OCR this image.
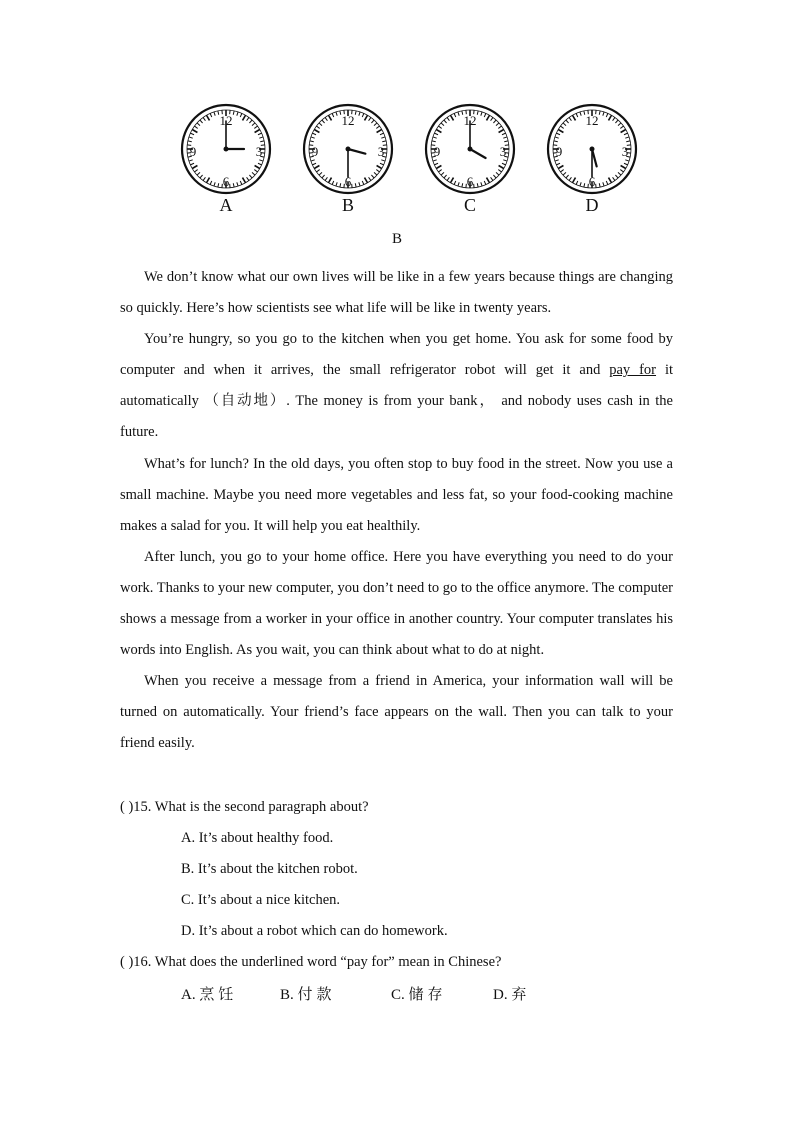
12
3
6
9
A
12
3
6
9
B
12
3
6
9
C
12
3
6
9
D
B

We don’t know what our own lives will be like in a few years because things are changing so quickly. Here’s how scientists see what life will be like in twenty years.

You’re hungry, so you go to the kitchen when you get home. You ask for some food by computer and when it arrives, the small refrigerator robot will get it and pay for it automatically （自动地）. The money is from your bank， and nobody uses cash in the future.

What’s for lunch? In the old days, you often stop to buy food in the street. Now you use a small machine. Maybe you need more vegetables and less fat, so your food-cooking machine makes a salad for you. It will help you eat healthily.

After lunch, you go to your home office. Here you have everything you need to do your work. Thanks to your new computer, you don’t need to go to the office anymore. The computer shows a message from a worker in your office in another country. Your computer translates his words into English. As you wait, you can think about what to do at night.

When you receive a message from a friend in America, your information wall will be turned on automatically. Your friend’s face appears on the wall. Then you can talk to your friend easily.

( )15. What is the second paragraph about?
A. It’s about healthy food.
B. It’s about the kitchen robot.
C. It’s about a nice kitchen.
D. It’s about a robot which can do homework.
( )16. What does the underlined word “pay for” mean in Chinese?
A. 烹饪	B. 付款	C. 储存	D. 弃
